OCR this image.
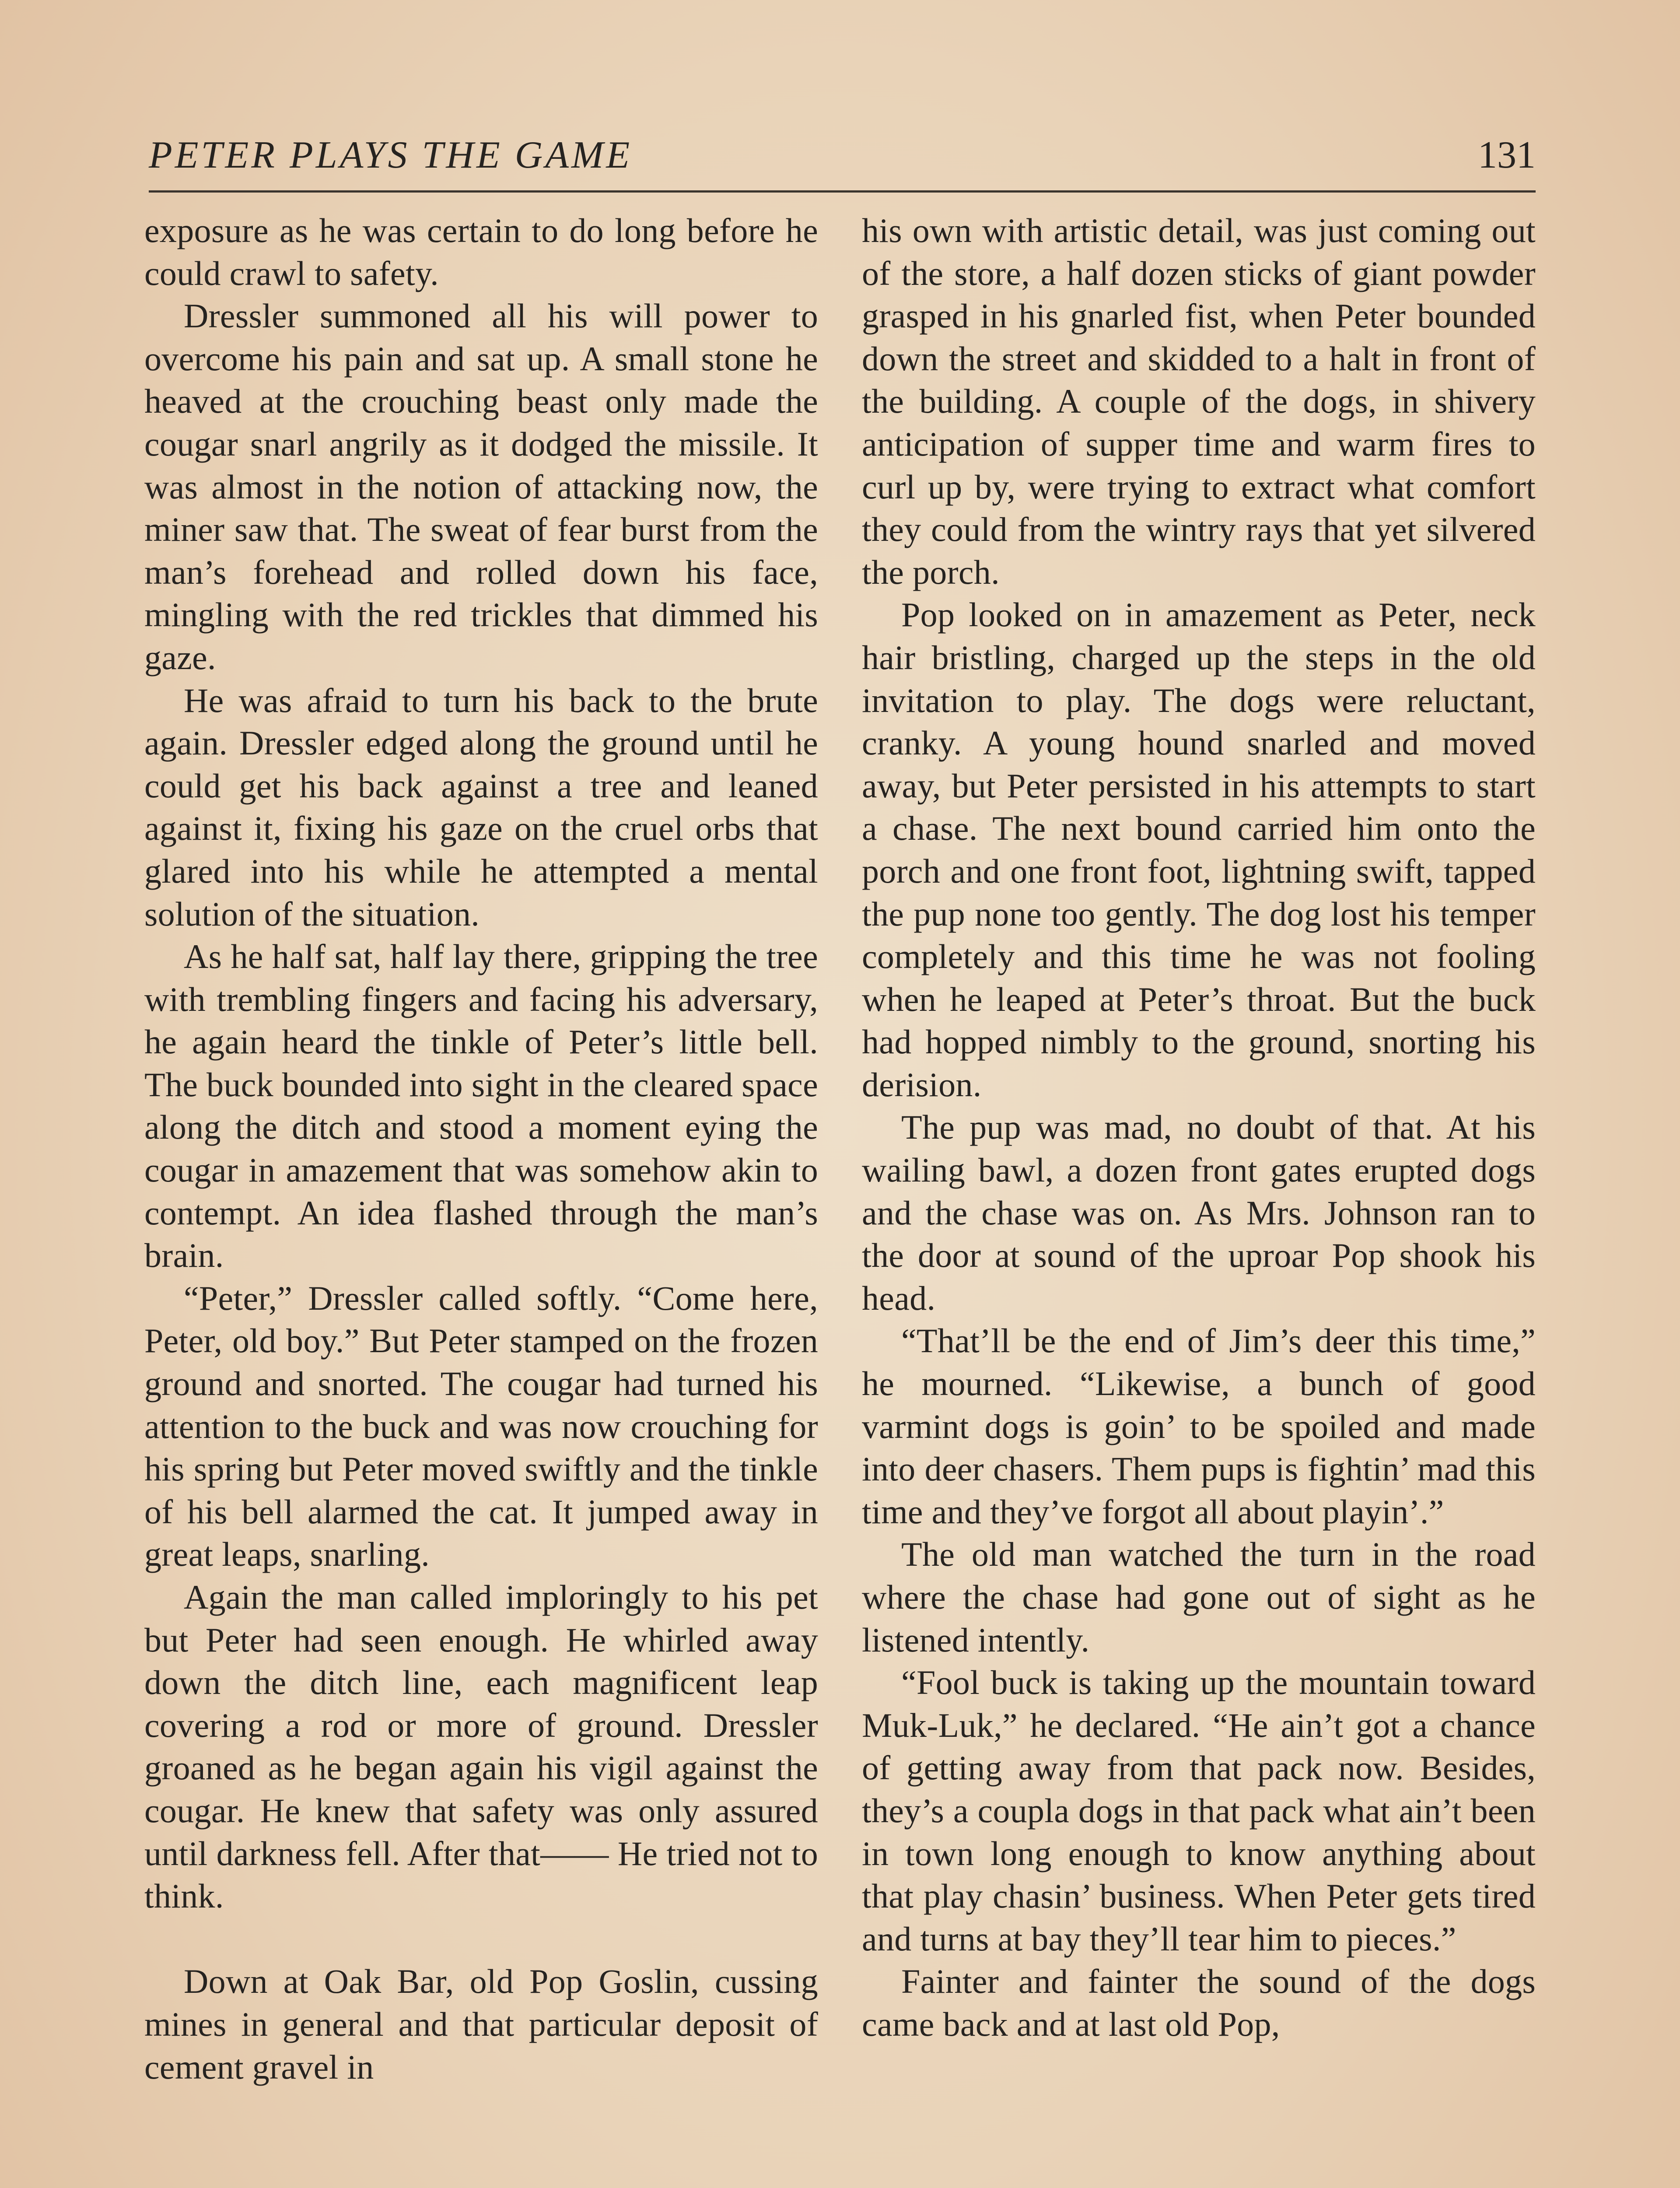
PETER PLAYS THE GAME	131

exposure as he was certain to do long before he could crawl to safety.

Dressler summoned all his will power to overcome his pain and sat up. A small stone he heaved at the crouching beast only made the cougar snarl angrily as it dodged the missile. It was almost in the notion of attacking now, the miner saw that. The sweat of fear burst from the man’s forehead and rolled down his face, mingling with the red trickles that dimmed his gaze.

He was afraid to turn his back to the brute again. Dressler edged along the ground until he could get his back against a tree and leaned against it, fixing his gaze on the cruel orbs that glared into his while he attempted a mental solution of the situation.

As he half sat, half lay there, gripping the tree with trembling fingers and facing his adversary, he again heard the tinkle of Peter’s little bell. The buck bounded into sight in the cleared space along the ditch and stood a moment eying the cougar in amazement that was somehow akin to contempt. An idea flashed through the man’s brain.

“Peter,” Dressler called softly. “Come here, Peter, old boy.” But Peter stamped on the frozen ground and snorted. The cougar had turned his attention to the buck and was now crouching for his spring but Peter moved swiftly and the tinkle of his bell alarmed the cat. It jumped away in great leaps, snarling.

Again the man called imploringly to his pet but Peter had seen enough. He whirled away down the ditch line, each magnificent leap covering a rod or more of ground. Dressler groaned as he began again his vigil against the cougar. He knew that safety was only assured until darkness fell. After that—— He tried not to think.

Down at Oak Bar, old Pop Goslin, cussing mines in general and that particular deposit of cement gravel in

his own with artistic detail, was just coming out of the store, a half dozen sticks of giant powder grasped in his gnarled fist, when Peter bounded down the street and skidded to a halt in front of the building. A couple of the dogs, in shivery anticipation of supper time and warm fires to curl up by, were trying to extract what comfort they could from the wintry rays that yet silvered the porch.

Pop looked on in amazement as Peter, neck hair bristling, charged up the steps in the old invitation to play. The dogs were reluctant, cranky. A young hound snarled and moved away, but Peter persisted in his attempts to start a chase. The next bound carried him onto the porch and one front foot, lightning swift, tapped the pup none too gently. The dog lost his temper completely and this time he was not fooling when he leaped at Peter’s throat. But the buck had hopped nimbly to the ground, snorting his derision.

The pup was mad, no doubt of that. At his wailing bawl, a dozen front gates erupted dogs and the chase was on. As Mrs. Johnson ran to the door at sound of the uproar Pop shook his head.

“That’ll be the end of Jim’s deer this time,” he mourned. “Likewise, a bunch of good varmint dogs is goin’ to be spoiled and made into deer chasers. Them pups is fightin’ mad this time and they’ve forgot all about playin’.”

The old man watched the turn in the road where the chase had gone out of sight as he listened intently.

“Fool buck is taking up the mountain toward Muk-Luk,” he declared. “He ain’t got a chance of getting away from that pack now. Besides, they’s a coupla dogs in that pack what ain’t been in town long enough to know anything about that play chasin’ business. When Peter gets tired and turns at bay they’ll tear him to pieces.”

Fainter and fainter the sound of the dogs came back and at last old Pop,
